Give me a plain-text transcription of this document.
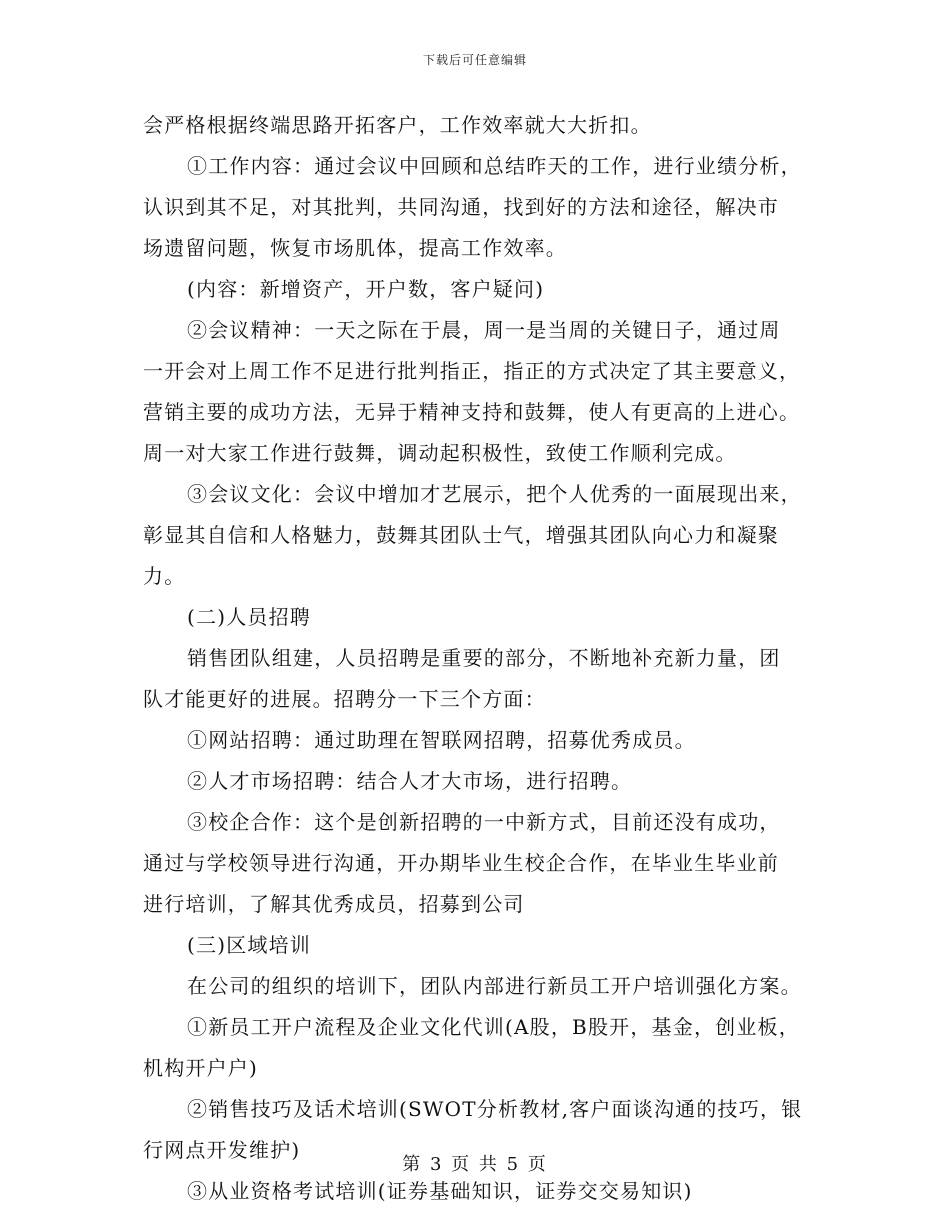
下载后可任意编辑
会严格根据终端思路开拓客户，工作效率就大大折扣。
①工作内容：通过会议中回顾和总结昨天的工作，进行业绩分析，
认识到其不足，对其批判，共同沟通，找到好的方法和途径，解决市
场遗留问题，恢复市场肌体，提高工作效率。
(内容：新增资产，开户数，客户疑问)
②会议精神：一天之际在于晨，周一是当周的关键日子，通过周
一开会对上周工作不足进行批判指正，指正的方式决定了其主要意义，
营销主要的成功方法，无异于精神支持和鼓舞，使人有更高的上进心。
周一对大家工作进行鼓舞，调动起积极性，致使工作顺利完成。
③会议文化：会议中增加才艺展示，把个人优秀的一面展现出来，
彰显其自信和人格魅力，鼓舞其团队士气，增强其团队向心力和凝聚
力。
(二)人员招聘
销售团队组建，人员招聘是重要的部分，不断地补充新力量，团
队才能更好的进展。招聘分一下三个方面：
①网站招聘：通过助理在智联网招聘，招募优秀成员。
②人才市场招聘：结合人才大市场，进行招聘。
③校企合作：这个是创新招聘的一中新方式，目前还没有成功，
通过与学校领导进行沟通，开办期毕业生校企合作，在毕业生毕业前
进行培训，了解其优秀成员，招募到公司
(三)区域培训
在公司的组织的培训下，团队内部进行新员工开户培训强化方案。
①新员工开户流程及企业文化代训(A股，B股开，基金，创业板，
机构开户户)
②销售技巧及话术培训(SWOT分析教材,客户面谈沟通的技巧，银
行网点开发维护)
③从业资格考试培训(证券基础知识，证券交交易知识)
第 3 页 共 5 页
